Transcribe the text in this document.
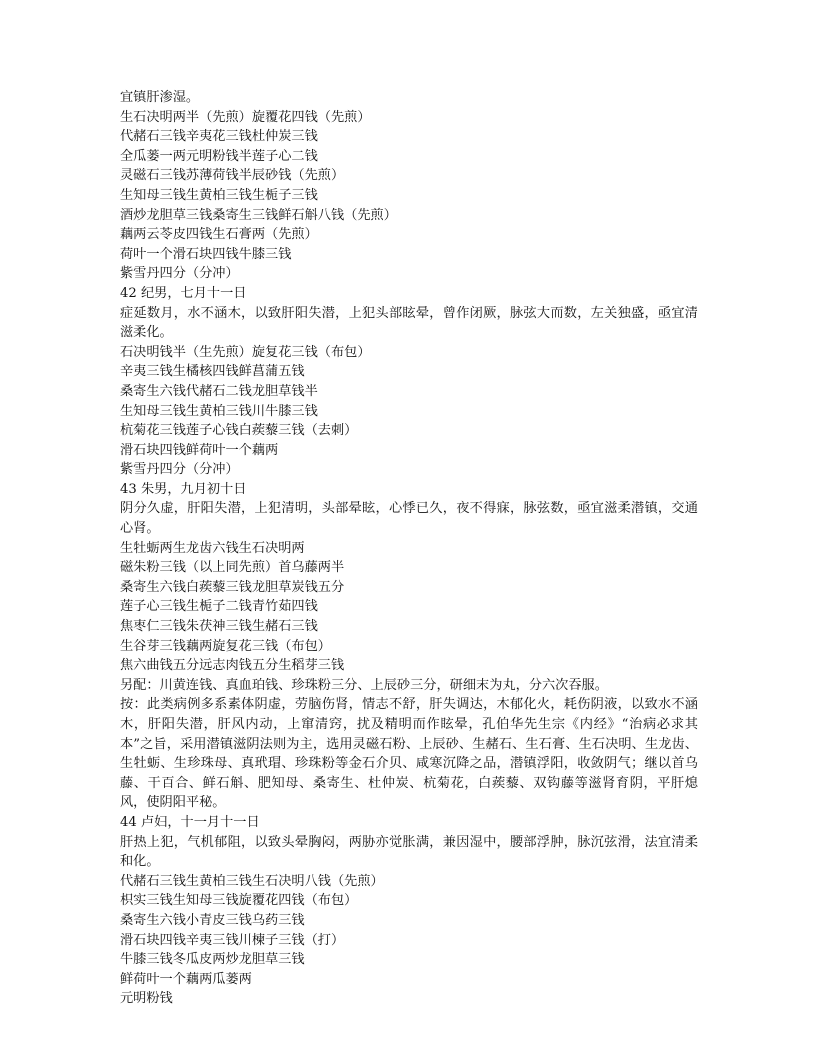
宜镇肝渗湿。
生石决明两半（先煎）旋覆花四钱（先煎）
代赭石三钱辛夷花三钱杜仲炭三钱
全瓜蒌一两元明粉钱半莲子心二钱
灵磁石三钱苏薄荷钱半辰砂钱（先煎）
生知母三钱生黄柏三钱生栀子三钱
酒炒龙胆草三钱桑寄生三钱鲜石斛八钱（先煎）
藕两云苓皮四钱生石膏两（先煎）
荷叶一个滑石块四钱牛膝三钱
紫雪丹四分（分冲）
42 纪男，七月十一日
症延数月，水不涵木，以致肝阳失潜，上犯头部眩晕，曾作闭厥，脉弦大而数，左关独盛，亟宜清滋柔化。
石决明钱半（生先煎）旋复花三钱（布包）
辛夷三钱生橘核四钱鲜菖蒲五钱
桑寄生六钱代赭石二钱龙胆草钱半
生知母三钱生黄柏三钱川牛膝三钱
杭菊花三钱莲子心钱白蒺藜三钱（去刺）
滑石块四钱鲜荷叶一个藕两
紫雪丹四分（分冲）
43 朱男，九月初十日
阴分久虚，肝阳失潜，上犯清明，头部晕眩，心悸已久，夜不得寐，脉弦数，亟宜滋柔潜镇，交通心肾。
生牡蛎两生龙齿六钱生石决明两
磁朱粉三钱（以上同先煎）首乌藤两半
桑寄生六钱白蒺藜三钱龙胆草炭钱五分
莲子心三钱生栀子二钱青竹茹四钱
焦枣仁三钱朱茯神三钱生赭石三钱
生谷芽三钱藕两旋复花三钱（布包）
焦六曲钱五分远志肉钱五分生稻芽三钱
另配：川黄连钱、真血珀钱、珍珠粉三分、上辰砂三分，研细末为丸，分六次吞服。
按：此类病例多系素体阴虚，劳脑伤肾，情志不舒，肝失调达，木郁化火，耗伤阴液，以致水不涵木，肝阳失潜，肝风内动，上窜清窍，扰及精明而作眩晕，孔伯华先生宗《内经》“治病必求其本”之旨，采用潜镇滋阴法则为主，选用灵磁石粉、上辰砂、生赭石、生石膏、生石决明、生龙齿、生牡蛎、生珍珠母、真玳瑁、珍珠粉等金石介贝、咸寒沉降之品，潜镇浮阳，收敛阴气；继以首乌藤、干百合、鲜石斛、肥知母、桑寄生、杜仲炭、杭菊花，白蒺藜、双钩藤等滋肾育阴，平肝熄风，使阴阳平秘。
44 卢妇，十一月十一日
肝热上犯，气机郁阻，以致头晕胸闷，两胁亦觉胀满，兼因湿中，腰部浮肿，脉沉弦滑，法宜清柔和化。
代赭石三钱生黄柏三钱生石决明八钱（先煎）
枳实三钱生知母三钱旋覆花四钱（布包）
桑寄生六钱小青皮三钱乌药三钱
滑石块四钱辛夷三钱川楝子三钱（打）
牛膝三钱冬瓜皮两炒龙胆草三钱
鲜荷叶一个藕两瓜蒌两
元明粉钱
